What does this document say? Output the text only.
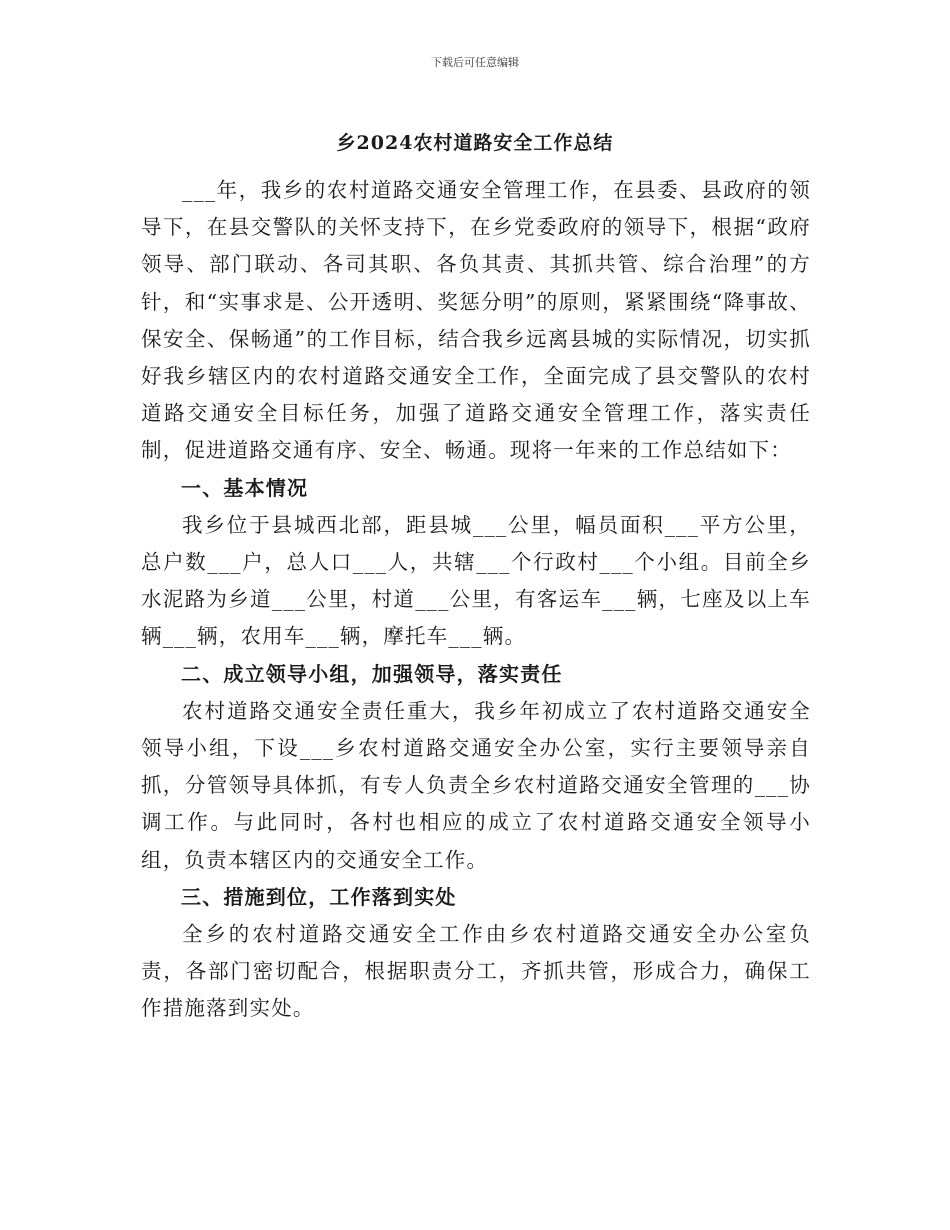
下载后可任意编辑
乡2024农村道路安全工作总结

___年，我乡的农村道路交通安全管理工作，在县委、县政府的领导下，在县交警队的关怀支持下，在乡党委政府的领导下，根据“政府领导、部门联动、各司其职、各负其责、其抓共管、综合治理”的方针，和“实事求是、公开透明、奖惩分明”的原则，紧紧围绕“降事故、保安全、保畅通”的工作目标，结合我乡远离县城的实际情况，切实抓好我乡辖区内的农村道路交通安全工作，全面完成了县交警队的农村道路交通安全目标任务，加强了道路交通安全管理工作，落实责任制，促进道路交通有序、安全、畅通。现将一年来的工作总结如下：

一、基本情况

我乡位于县城西北部，距县城___公里，幅员面积___平方公里，总户数___户，总人口___人，共辖___个行政村___个小组。目前全乡水泥路为乡道___公里，村道___公里，有客运车___辆，七座及以上车辆___辆，农用车___辆，摩托车___辆。

二、成立领导小组，加强领导，落实责任

农村道路交通安全责任重大，我乡年初成立了农村道路交通安全领导小组，下设___乡农村道路交通安全办公室，实行主要领导亲自抓，分管领导具体抓，有专人负责全乡农村道路交通安全管理的___协调工作。与此同时，各村也相应的成立了农村道路交通安全领导小组，负责本辖区内的交通安全工作。

三、措施到位，工作落到实处

全乡的农村道路交通安全工作由乡农村道路交通安全办公室负责，各部门密切配合，根据职责分工，齐抓共管，形成合力，确保工作措施落到实处。
